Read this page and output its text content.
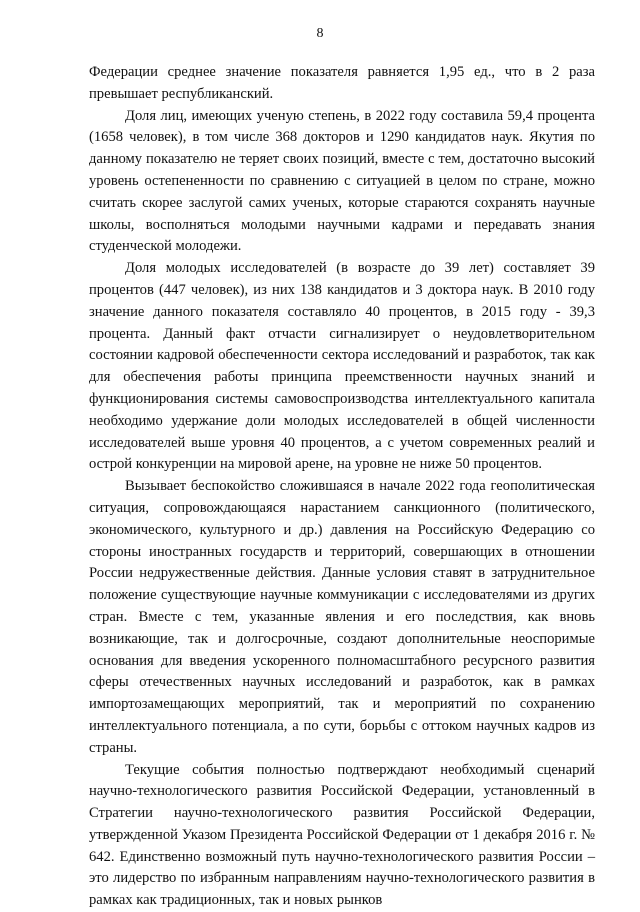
8

Федерации среднее значение показателя равняется 1,95 ед., что в 2 раза превышает республиканский.

Доля лиц, имеющих ученую степень, в 2022 году составила 59,4 процента (1658 человек), в том числе 368 докторов и 1290 кандидатов наук. Якутия по данному показателю не теряет своих позиций, вместе с тем, достаточно высокий уровень остепененности по сравнению с ситуацией в целом по стране, можно считать скорее заслугой самих ученых, которые стараются сохранять научные школы, восполняться молодыми научными кадрами и передавать знания студенческой молодежи.

Доля молодых исследователей (в возрасте до 39 лет) составляет 39 процентов (447 человек), из них 138 кандидатов и 3 доктора наук. В 2010 году значение данного показателя составляло 40 процентов, в 2015 году - 39,3 процента. Данный факт отчасти сигнализирует о неудовлетворительном состоянии кадровой обеспеченности сектора исследований и разработок, так как для обеспечения работы принципа преемственности научных знаний и функционирования системы самовоспроизводства интеллектуального капитала необходимо удержание доли молодых исследователей в общей численности исследователей выше уровня 40 процентов, а с учетом современных реалий и острой конкуренции на мировой арене, на уровне не ниже 50 процентов.

Вызывает беспокойство сложившаяся в начале 2022 года геополитическая ситуация, сопровождающаяся нарастанием санкционного (политического, экономического, культурного и др.) давления на Российскую Федерацию со стороны иностранных государств и территорий, совершающих в отношении России недружественные действия. Данные условия ставят в затруднительное положение существующие научные коммуникации с исследователями из других стран. Вместе с тем, указанные явления и его последствия, как вновь возникающие, так и долгосрочные, создают дополнительные неоспоримые основания для введения ускоренного полномасштабного ресурсного развития сферы отечественных научных исследований и разработок, как в рамках импортозамещающих мероприятий, так и мероприятий по сохранению интеллектуального потенциала, а по сути, борьбы с оттоком научных кадров из страны.

Текущие события полностью подтверждают необходимый сценарий научно-технологического развития Российской Федерации, установленный в Стратегии научно-технологического развития Российской Федерации, утвержденной Указом Президента Российской Федерации от 1 декабря 2016 г. № 642. Единственно возможный путь научно-технологического развития России – это лидерство по избранным направлениям научно-технологического развития в рамках как традиционных, так и новых рынков
